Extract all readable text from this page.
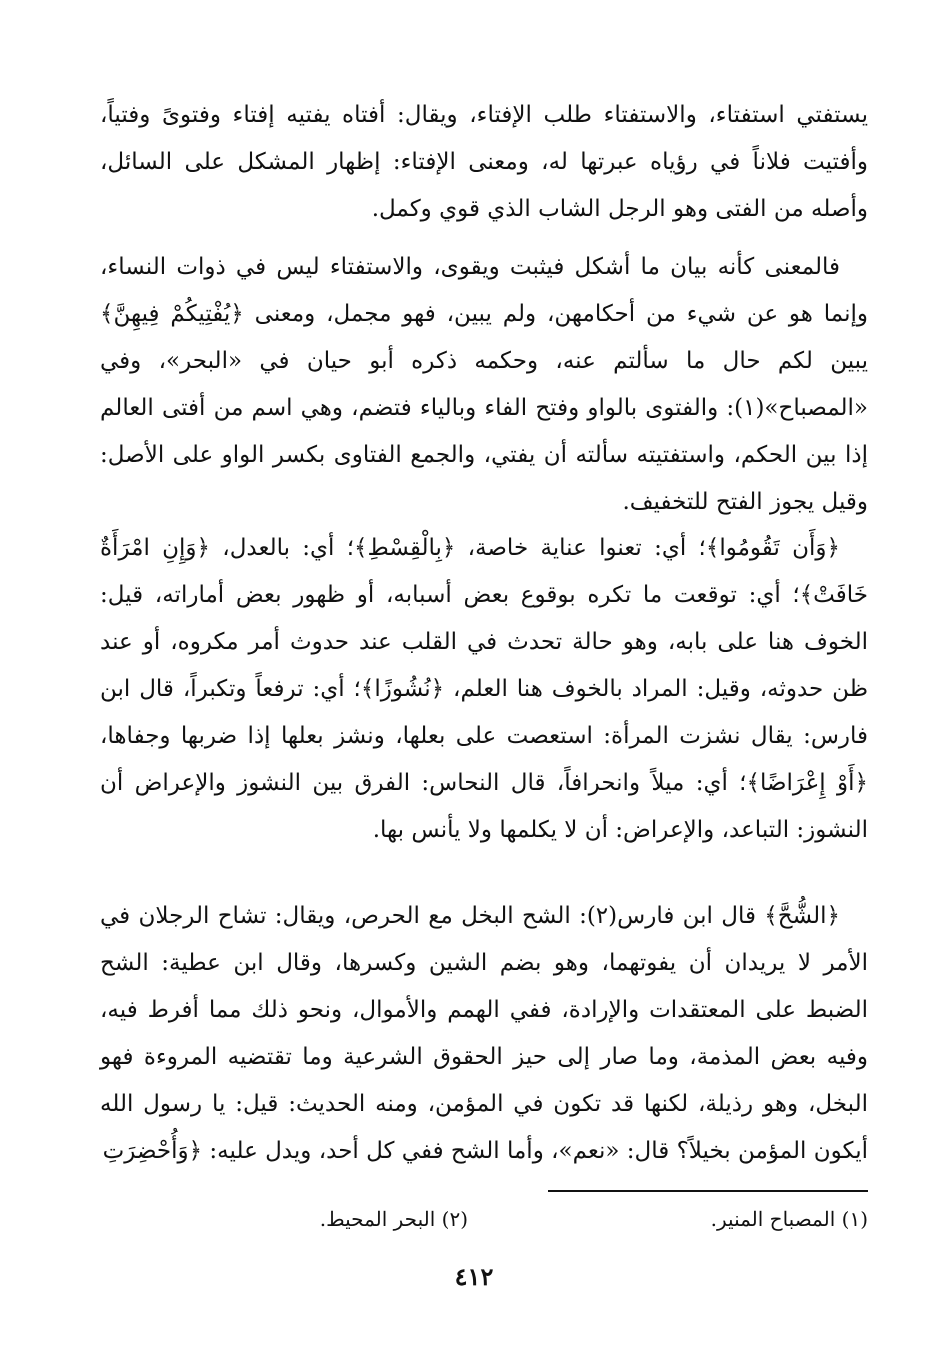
يستفتي استفتاء، والاستفتاء طلب الإفتاء، ويقال: أفتاه يفتيه إفتاء وفتوىً وفتياً، وأفتيت فلاناً في رؤياه عبرتها له، ومعنى الإفتاء: إظهار المشكل على السائل، وأصله من الفتى وهو الرجل الشاب الذي قوي وكمل.

فالمعنى كأنه بيان ما أشكل فيثبت ويقوى، والاستفتاء ليس في ذوات النساء، وإنما هو عن شيء من أحكامهن، ولم يبين، فهو مجمل، ومعنى ﴿يُفْتِيكُمْ فِيهِنَّ﴾ يبين لكم حال ما سألتم عنه، وحكمه ذكره أبو حيان في «البحر»، وفي «المصباح»(١): والفتوى بالواو وفتح الفاء وبالياء فتضم، وهي اسم من أفتى العالم إذا بين الحكم، واستفتيته سألته أن يفتي، والجمع الفتاوى بكسر الواو على الأصل: وقيل يجوز الفتح للتخفيف.

﴿وَأَن تَقُومُوا﴾؛ أي: تعنوا عناية خاصة، ﴿بِالْقِسْطِ﴾؛ أي: بالعدل، ﴿وَإِنِ امْرَأَةٌ خَافَتْ﴾؛ أي: توقعت ما تكره بوقوع بعض أسبابه، أو ظهور بعض أماراته، قيل: الخوف هنا على بابه، وهو حالة تحدث في القلب عند حدوث أمر مكروه، أو عند ظن حدوثه، وقيل: المراد بالخوف هنا العلم، ﴿نُشُوزًا﴾؛ أي: ترفعاً وتكبراً، قال ابن فارس: يقال نشزت المرأة: استعصت على بعلها، ونشز بعلها إذا ضربها وجفاها، ﴿أَوْ إِعْرَاضًا﴾؛ أي: ميلاً وانحرافاً، قال النحاس: الفرق بين النشوز والإعراض أن النشوز: التباعد، والإعراض: أن لا يكلمها ولا يأنس بها.

﴿الشُّحَّ﴾ قال ابن فارس(٢): الشح البخل مع الحرص، ويقال: تشاح الرجلان في الأمر لا يريدان أن يفوتهما، وهو بضم الشين وكسرها، وقال ابن عطية: الشح الضبط على المعتقدات والإرادة، ففي الهمم والأموال، ونحو ذلك مما أفرط فيه، وفيه بعض المذمة، وما صار إلى حيز الحقوق الشرعية وما تقتضيه المروءة فهو البخل، وهو رذيلة، لكنها قد تكون في المؤمن، ومنه الحديث: قيل: يا رسول الله أيكون المؤمن بخيلاً؟ قال: «نعم»، وأما الشح ففي كل أحد، ويدل عليه: ﴿وَأُحْضِرَتِ

(١) المصباح المنير.
(٢) البحر المحيط.
٤١٢
